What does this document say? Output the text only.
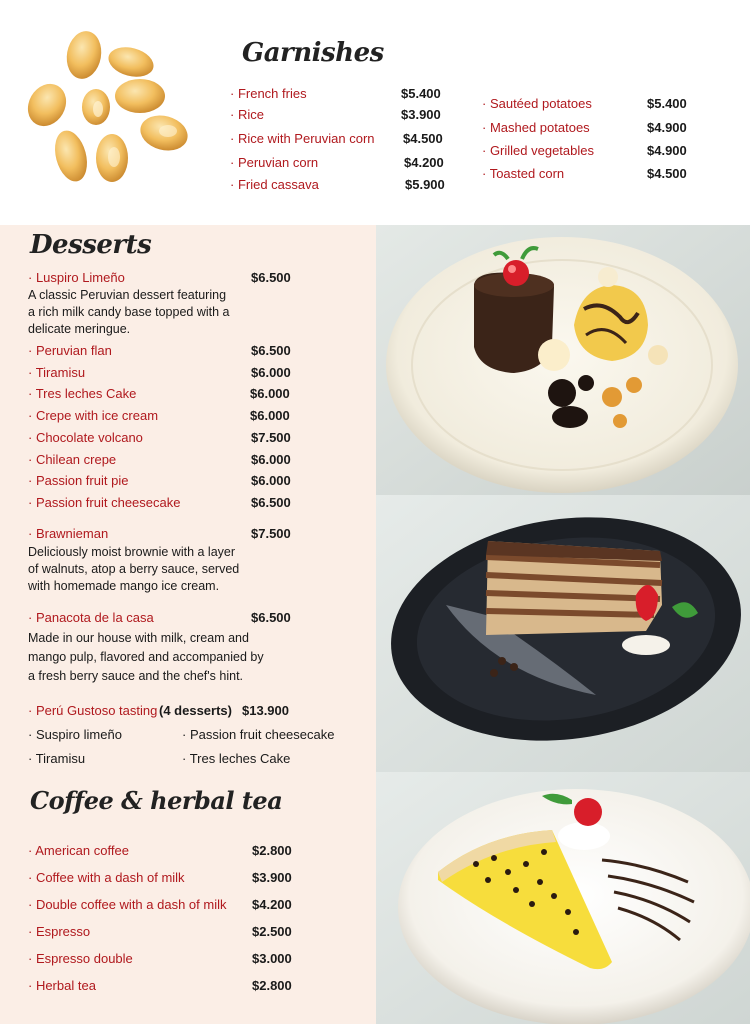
Garnishes
· French fries	$5.400
· Rice	$3.900
· Rice with Peruvian corn $4.500
· Peruvian corn	$4.200
· Fried cassava	$5.900
· Sautéed potatoes	$5.400
· Mashed potatoes	$4.900
· Grilled vegetables	$4.900
· Toasted corn	$4.500
Desserts
· Luspiro Limeño	$6.500
A classic Peruvian dessert featuring
a rich milk candy base topped with a
delicate meringue.
· Peruvian flan	$6.500
· Tiramisu	$6.000
· Tres leches Cake	$6.000
· Crepe with ice cream	$6.000
· Chocolate volcano	$7.500
· Chilean crepe	$6.000
· Passion fruit pie	$6.000
· Passion fruit cheesecake	$6.500
· Brawnieman	$7.500
Deliciously moist brownie with a layer
of walnuts, atop a berry sauce, served
with homemade mango ice cream.
· Panacota de la casa	$6.500
Made in our house with milk, cream and
mango pulp, flavored and accompanied by
a fresh berry sauce and the chef's hint.
· Perú Gustoso tasting (4 desserts) $13.900
· Suspiro limeño	· Passion fruit cheesecake
· Tiramisu	· Tres leches Cake
Coffee & herbal tea
· American coffee	$2.800
· Coffee with a dash of milk	$3.900
· Double coffee with a dash of milk $4.200
· Espresso	$2.500
· Espresso double	$3.000
· Herbal tea	$2.800
